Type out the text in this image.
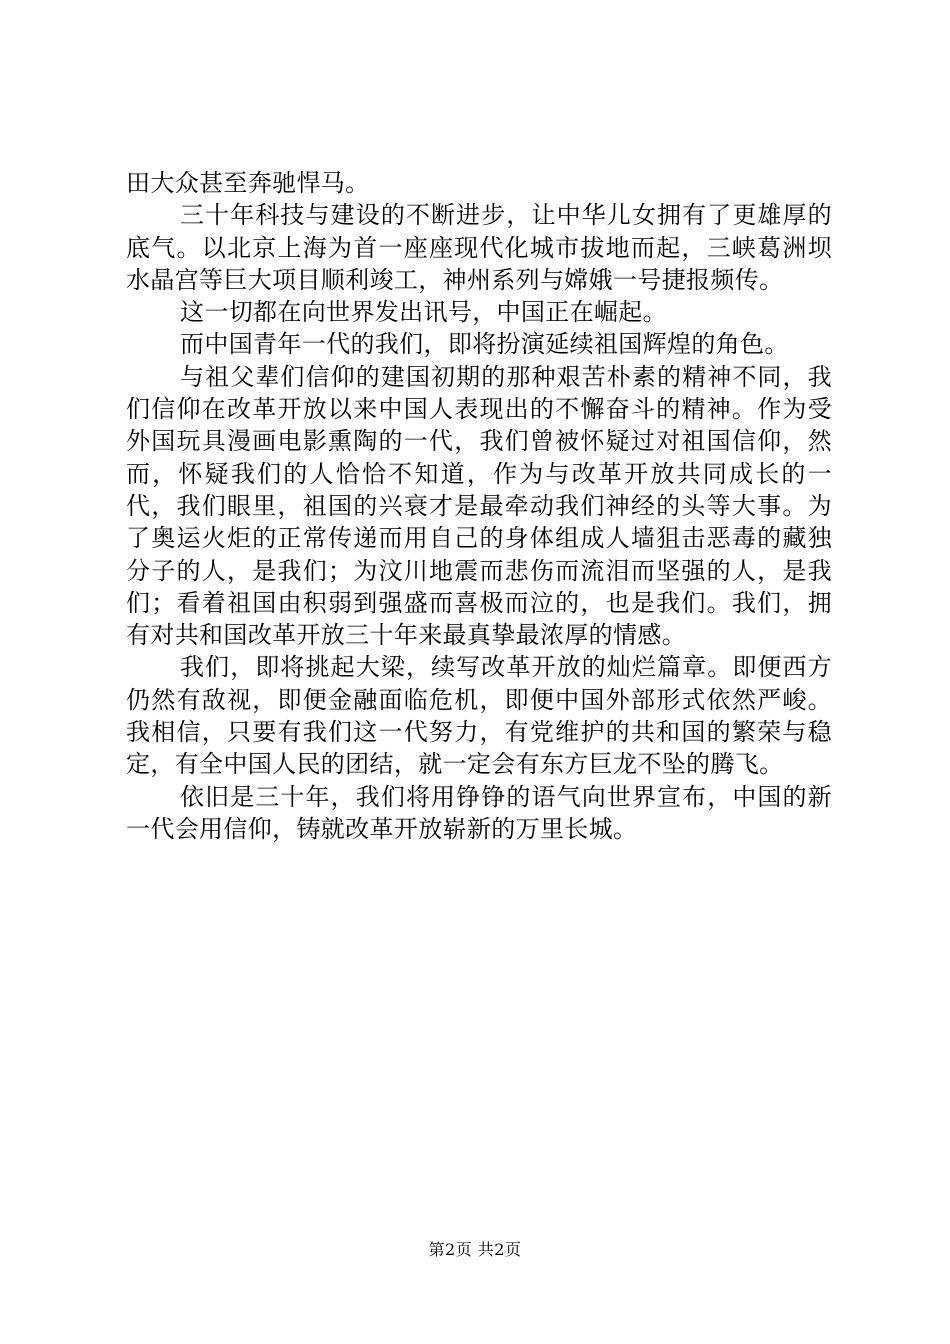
田大众甚至奔驰悍马。

三十年科技与建设的不断进步，让中华儿女拥有了更雄厚的底气。以北京上海为首一座座现代化城市拔地而起，三峡葛洲坝水晶宫等巨大项目顺利竣工，神州系列与嫦娥一号捷报频传。

这一切都在向世界发出讯号，中国正在崛起。

而中国青年一代的我们，即将扮演延续祖国辉煌的角色。

与祖父辈们信仰的建国初期的那种艰苦朴素的精神不同，我们信仰在改革开放以来中国人表现出的不懈奋斗的精神。作为受外国玩具漫画电影熏陶的一代，我们曾被怀疑过对祖国信仰，然而，怀疑我们的人恰恰不知道，作为与改革开放共同成长的一代，我们眼里，祖国的兴衰才是最牵动我们神经的头等大事。为了奥运火炬的正常传递而用自己的身体组成人墙狙击恶毒的藏独分子的人，是我们；为汶川地震而悲伤而流泪而坚强的人，是我们；看着祖国由积弱到强盛而喜极而泣的，也是我们。我们，拥有对共和国改革开放三十年来最真挚最浓厚的情感。

我们，即将挑起大梁，续写改革开放的灿烂篇章。即便西方仍然有敌视，即便金融面临危机，即便中国外部形式依然严峻。我相信，只要有我们这一代努力，有党维护的共和国的繁荣与稳定，有全中国人民的团结，就一定会有东方巨龙不坠的腾飞。

依旧是三十年，我们将用铮铮的语气向世界宣布，中国的新一代会用信仰，铸就改革开放崭新的万里长城。

第2页 共2页
